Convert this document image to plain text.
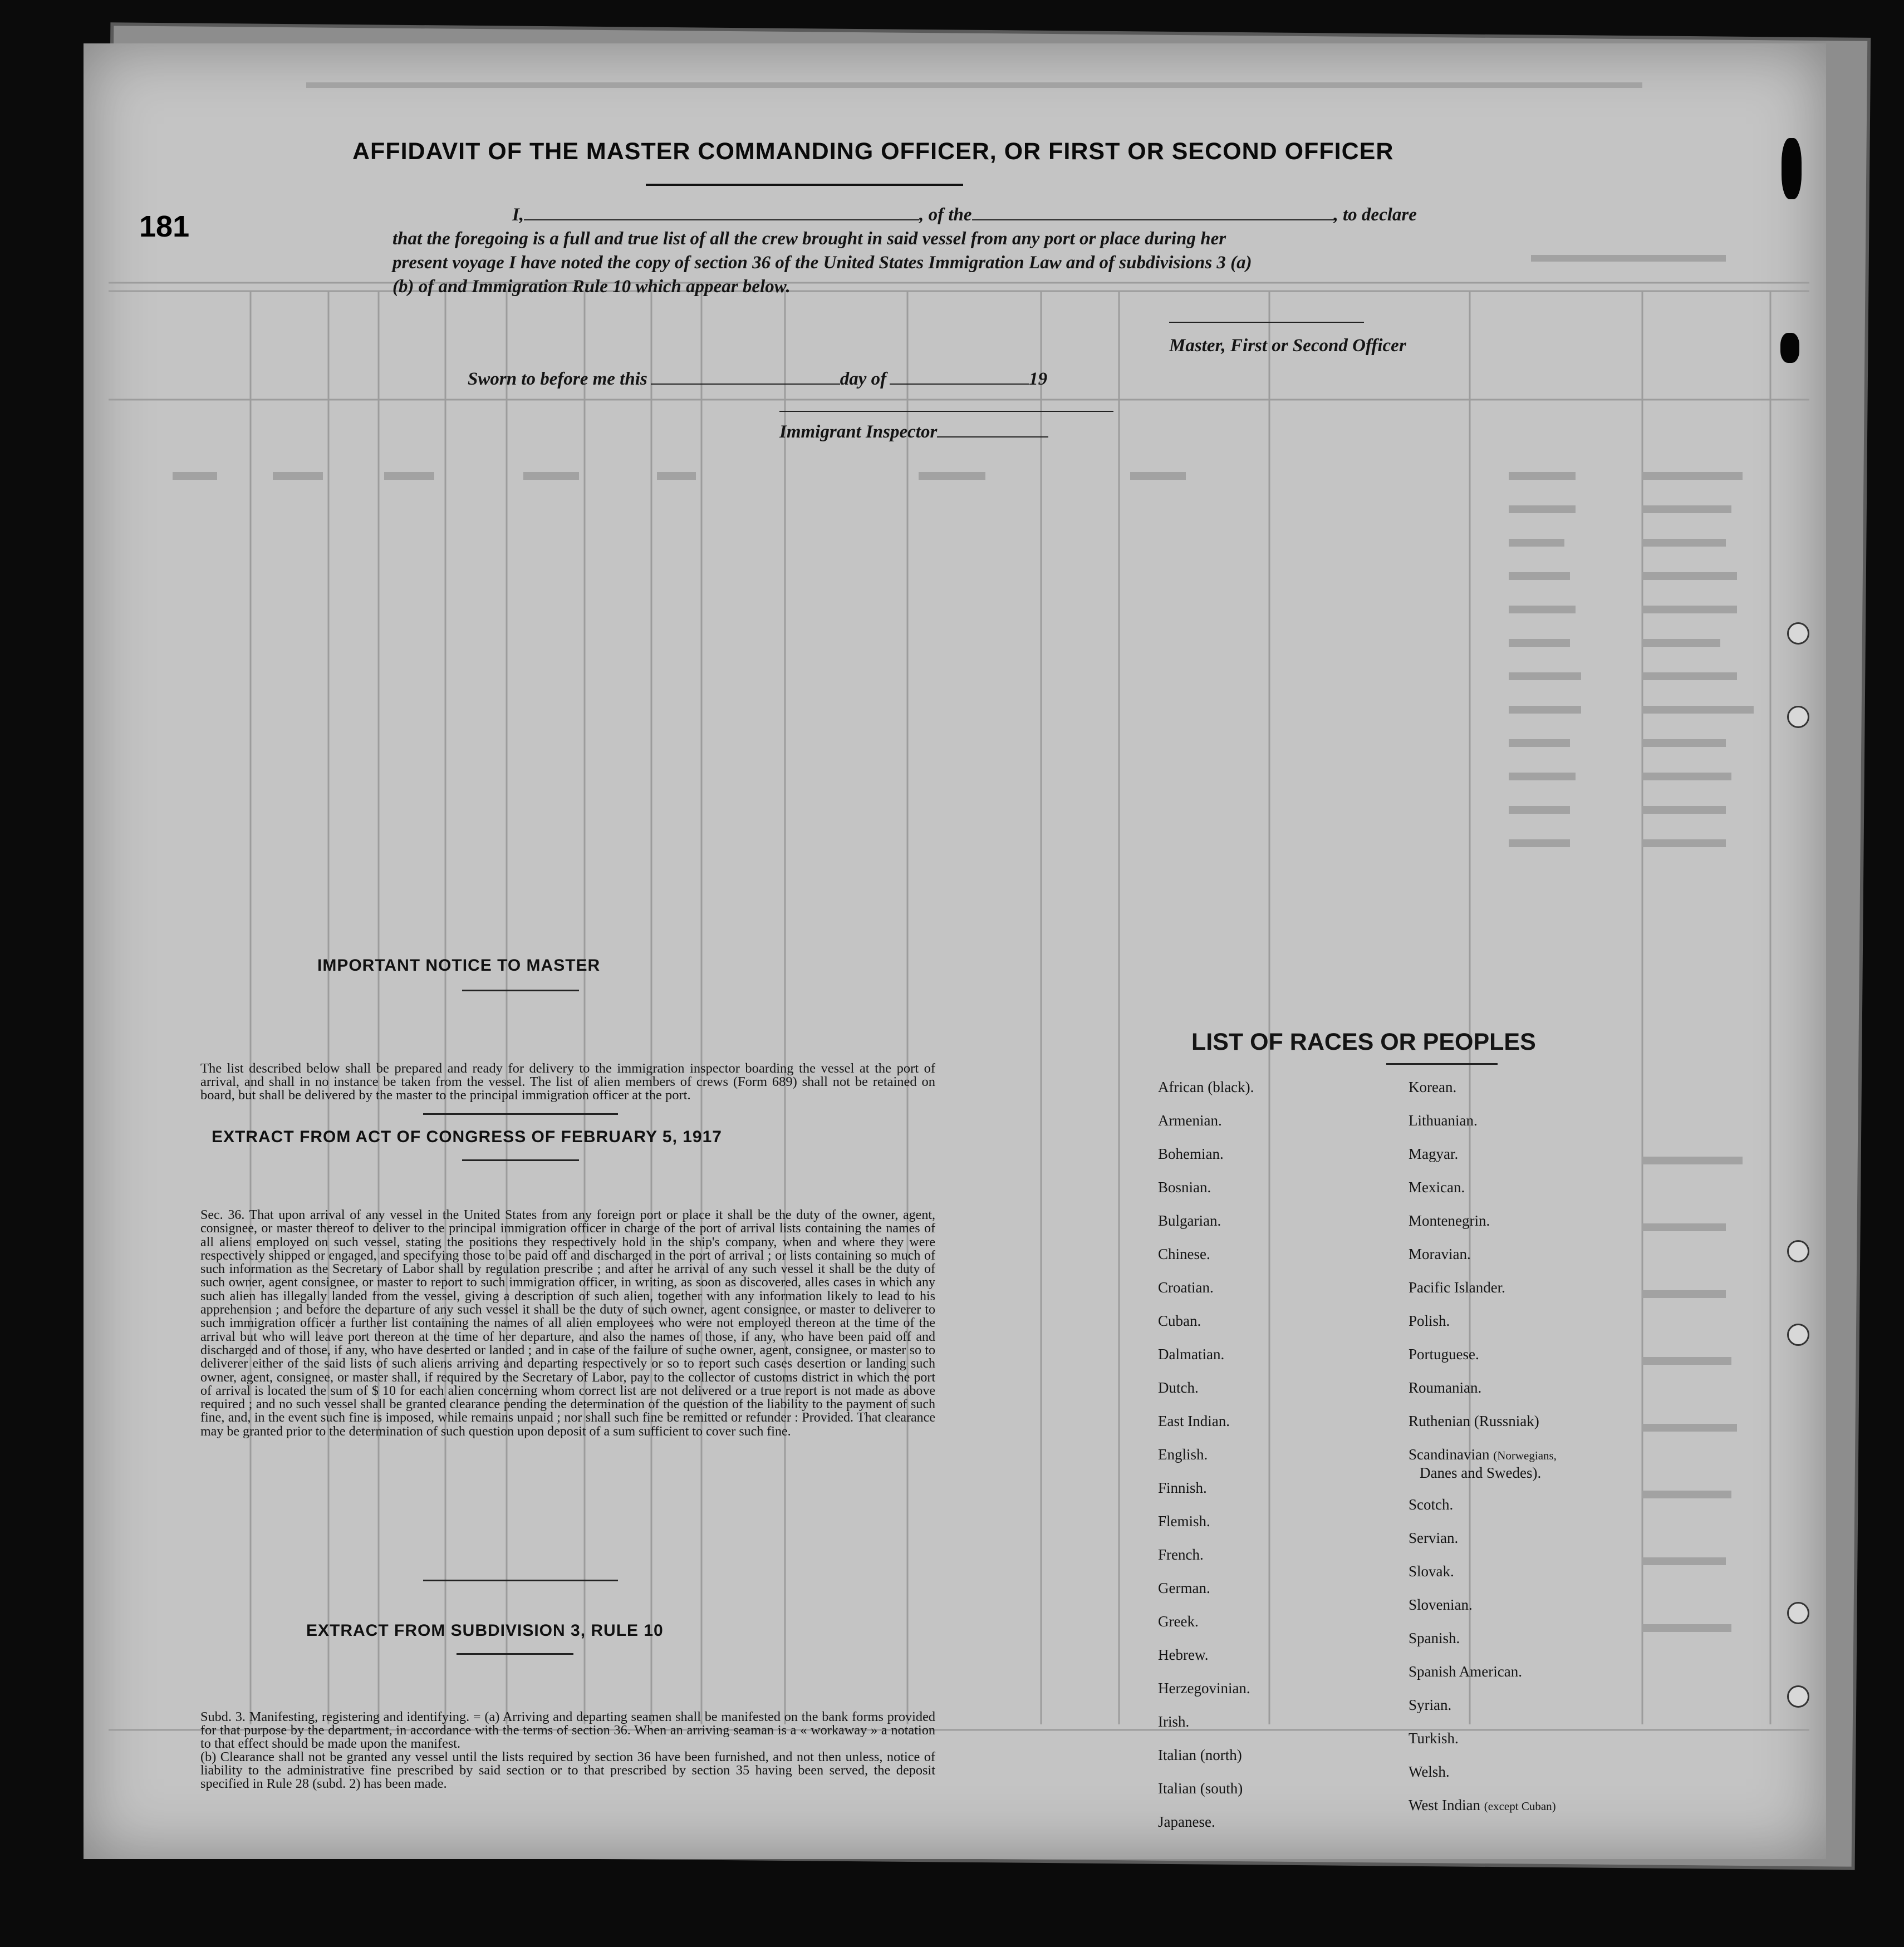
181
AFFIDAVIT OF THE MASTER COMMANDING OFFICER, OR FIRST OR SECOND OFFICER
I,	, of the	, to declare
that the foregoing is a full and true list of all the crew brought in said vessel from any port or place during her
present voyage I have noted the copy of section 36 of the United States Immigration Law and of subdivisions 3 (a)
(b) of and Immigration Rule 10 which appear below.
Master, First or Second Officer
Sworn to before me this	day of	19
Immigrant Inspector
IMPORTANT NOTICE TO MASTER
The list described below shall be prepared and ready for delivery to the immigration inspector boarding the vessel at the port of arrival, and shall in no instance be taken from the vessel. The list of alien members of crews (Form 689) shall not be retained on board, but shall be delivered by the master to the principal immigration officer at the port.
EXTRACT FROM ACT OF CONGRESS OF FEBRUARY 5, 1917
Sec. 36. That upon arrival of any vessel in the United States from any foreign port or place it shall be the duty of the owner, agent, consignee, or master thereof to deliver to the principal immigration officer in charge of the port of arrival lists containing the names of all aliens employed on such vessel, stating the positions they respectively hold in the ship's company, when and where they were respectively shipped or engaged, and specifying those to be paid off and discharged in the port of arrival ; or lists containing so much of such information as the Secretary of Labor shall by regulation prescribe ; and after he arrival of any such vessel it shall be the duty of such owner, agent consignee, or master to report to such immigration officer, in writing, as soon as discovered, alles cases in which any such alien has illegally landed from the vessel, giving a description of such alien, together with any information likely to lead to his apprehension ; and before the departure of any such vessel it shall be the duty of such owner, agent consignee, or master to deliverer to such immigration officer a further list containing the names of all alien employees who were not employed thereon at the time of the arrival but who will leave port thereon at the time of her departure, and also the names of those, if any, who have been paid off and discharged and of those, if any, who have deserted or landed ; and in case of the failure of suche owner, agent, consignee, or master so to deliverer either of the said lists of such aliens arriving and departing respectively or so to report such cases desertion or landing such owner, agent, consignee, or master shall, if required by the Secretary of Labor, pay to the collector of customs district in which the port of arrival is located the sum of $ 10 for each alien concerning whom correct list are not delivered or a true report is not made as above required ; and no such vessel shall be granted clearance pending the determination of the question of the liability to the payment of such fine, and, in the event such fine is imposed, while remains unpaid ; nor shall such fine be remitted or refunder : Provided. That clearance may be granted prior to the determination of such question upon deposit of a sum sufficient to cover such fine.
EXTRACT FROM SUBDIVISION 3, RULE 10
Subd. 3. Manifesting, registering and identifying. = (a) Arriving and departing seamen shall be manifested on the bank forms provided for that purpose by the department, in accordance with the terms of section 36. When an arriving seaman is a « workaway » a notation to that effect should be made upon the manifest.
(b) Clearance shall not be granted any vessel until the lists required by section 36 have been furnished, and not then unless, notice of liability to the administrative fine prescribed by said section or to that prescribed by section 35 having been served, the deposit specified in Rule 28 (subd. 2) has been made.
LIST OF RACES OR PEOPLES
African (black).
Armenian.
Bohemian.
Bosnian.
Bulgarian.
Chinese.
Croatian.
Cuban.
Dalmatian.
Dutch.
East Indian.
English.
Finnish.
Flemish.
French.
German.
Greek.
Hebrew.
Herzegovinian.
Irish.
Italian (north)
Italian (south)
Japanese.
Korean.
Lithuanian.
Magyar.
Mexican.
Montenegrin.
Moravian.
Pacific Islander.
Polish.
Portuguese.
Roumanian.
Ruthenian (Russniak)
Scandinavian (Norwegians,
Danes and Swedes).
Scotch.
Servian.
Slovak.
Slovenian.
Spanish.
Spanish American.
Syrian.
Turkish.
Welsh.
West Indian (except Cuban)
